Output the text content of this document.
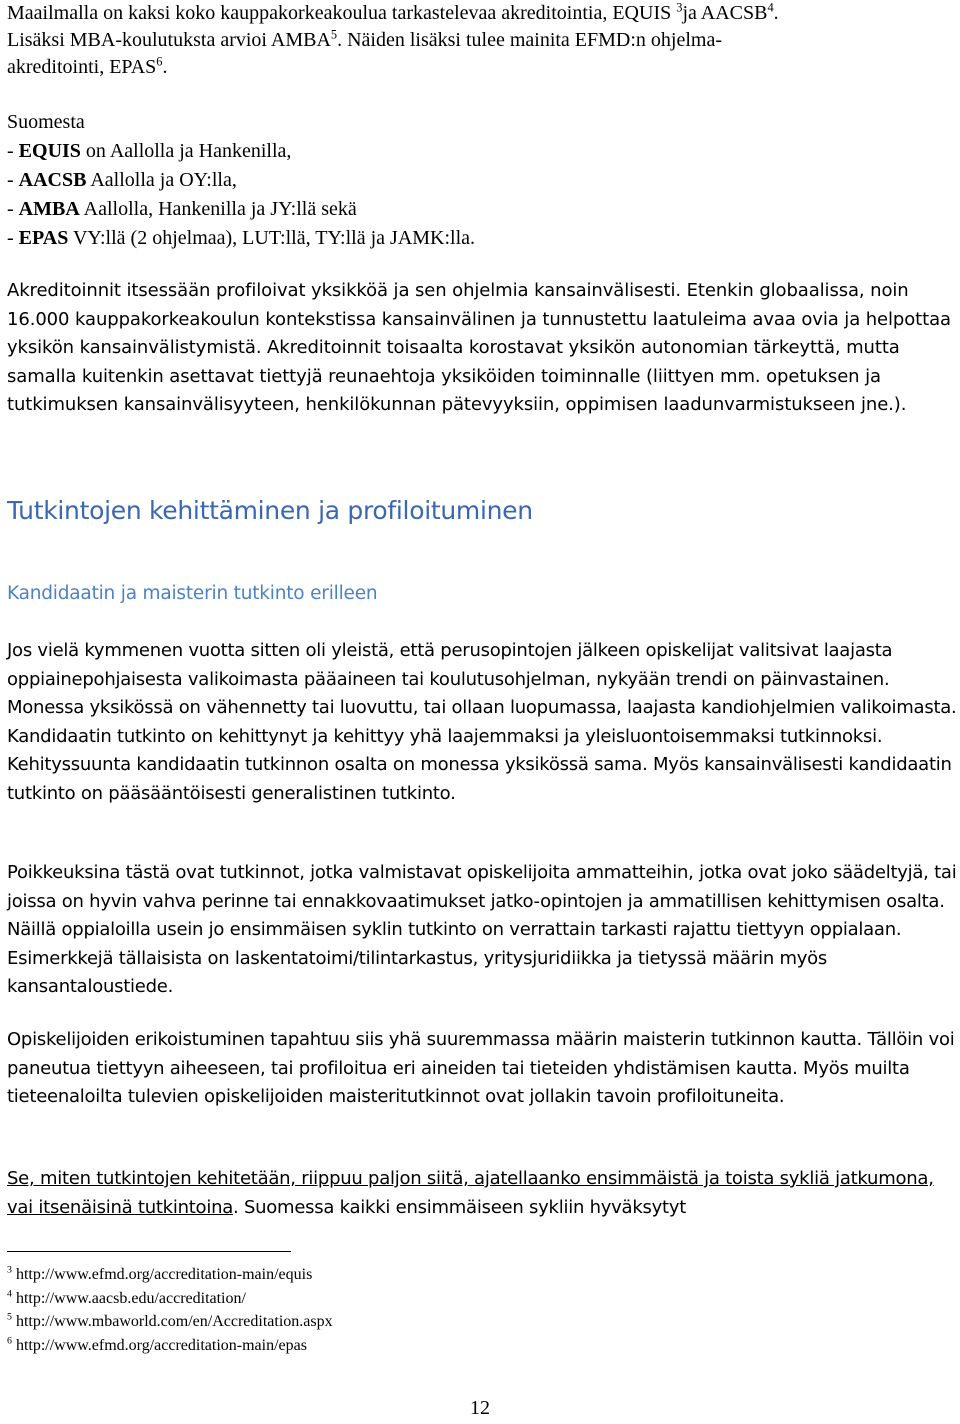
Maailmalla on kaksi koko kauppakorkeakoulua tarkastelevaa akreditointia, EQUIS $^3$ja AACSB$^4$.
Lisäksi MBA-koulutuksta arvioi AMBA$^5$. Näiden lisäksi tulee mainita EFMD:n ohjelma-
akreditointi, EPAS$^6$.

Suomesta
- EQUIS on Aallolla ja Hankenilla,
- AACSB Aallolla ja OY:lla,
- AMBA Aallolla, Hankenilla ja JY:llä sekä
- EPAS VY:llä (2 ohjelmaa), LUT:llä, TY:llä ja JAMK:lla.

Akreditoinnit itsessään profiloivat yksikköä ja sen ohjelmia kansainvälisesti. Etenkin globaalissa, noin 16.000 kauppakorkeakoulun kontekstissa kansainvälinen ja tunnustettu laatuleima avaa ovia ja helpottaa yksikön kansainvälistymistä. Akreditoinnit toisaalta korostavat yksikön autonomian tärkeyttä, mutta samalla kuitenkin asettavat tiettyjä reunaehtoja yksiköiden toiminnalle (liittyen mm. opetuksen ja tutkimuksen kansainvälisyyteen, henkilökunnan pätevyyksiin, oppimisen laadunvarmistukseen jne.).

Tutkintojen kehittäminen ja profiloituminen
Kandidaatin ja maisterin tutkinto erilleen

Jos vielä kymmenen vuotta sitten oli yleistä, että perusopintojen jälkeen opiskelijat valitsivat laajasta oppiainepohjaisesta valikoimasta pääaineen tai koulutusohjelman, nykyään trendi on päinvastainen. Monessa yksikössä on vähennetty tai luovuttu, tai ollaan luopumassa, laajasta kandiohjelmien valikoimasta. Kandidaatin tutkinto on kehittynyt ja kehittyy yhä laajemmaksi ja yleisluontoisemmaksi tutkinnoksi. Kehityssuunta kandidaatin tutkinnon osalta on monessa yksikössä sama. Myös kansainvälisesti kandidaatin tutkinto on pääsääntöisesti generalistinen tutkinto.

Poikkeuksina tästä ovat tutkinnot, jotka valmistavat opiskelijoita ammatteihin, jotka ovat joko säädeltyjä, tai joissa on hyvin vahva perinne tai ennakkovaatimukset jatko-opintojen ja ammatillisen kehittymisen osalta. Näillä oppialoilla usein jo ensimmäisen syklin tutkinto on verrattain tarkasti rajattu tiettyyn oppialaan. Esimerkkejä tällaisista on laskentatoimi/tilintarkastus, yritysjuridiikka ja tietyssä määrin myös kansantaloustiede.

Opiskelijoiden erikoistuminen tapahtuu siis yhä suuremmassa määrin maisterin tutkinnon kautta. Tällöin voi paneutua tiettyyn aiheeseen, tai profiloitua eri aineiden tai tieteiden yhdistämisen kautta. Myös muilta tieteenaloilta tulevien opiskelijoiden maisteritutkinnot ovat jollakin tavoin profiloituneita.

Se, miten tutkintojen kehitetään, riippuu paljon siitä, ajatellaanko ensimmäistä ja toista sykliä jatkumona, vai itsenäisinä tutkintoina. Suomessa kaikki ensimmäiseen sykliin hyväksytyt

$^3$ http://www.efmd.org/accreditation-main/equis
$^4$ http://www.aacsb.edu/accreditation/
$^5$ http://www.mbaworld.com/en/Accreditation.aspx
$^6$ http://www.efmd.org/accreditation-main/epas
12
